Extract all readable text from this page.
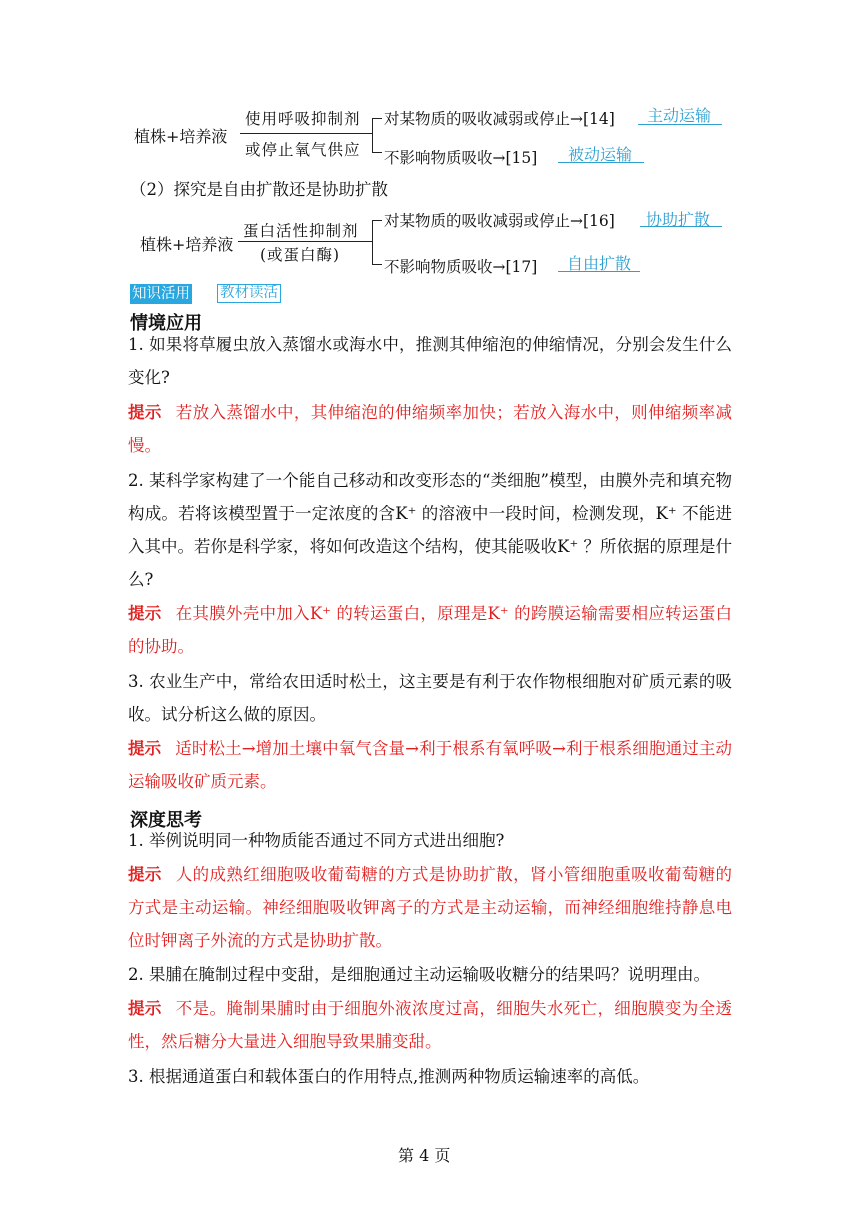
植株+培养液
使用呼吸抑制剂
或停止氧气供应
对某物质的吸收减弱或停止→[14] 主动运输
不影响物质吸收→[15] 被动运输
（2）探究是自由扩散还是协助扩散
植株+培养液
蛋白活性抑制剂
(或蛋白酶)
对某物质的吸收减弱或停止→[16] 协助扩散
不影响物质吸收→[17] 自由扩散
知识活用 教材读活
情境应用
1. 如果将草履虫放入蒸馏水或海水中，推测其伸缩泡的伸缩情况，分别会发生什么变化?
提示 若放入蒸馏水中，其伸缩泡的伸缩频率加快；若放入海水中，则伸缩频率减慢。
2. 某科学家构建了一个能自己移动和改变形态的“类细胞”模型，由膜外壳和填充物构成。若将该模型置于一定浓度的含K⁺ 的溶液中一段时间，检测发现，K⁺ 不能进入其中。若你是科学家，将如何改造这个结构，使其能吸收K⁺ ？所依据的原理是什么?
提示 在其膜外壳中加入K⁺ 的转运蛋白，原理是K⁺ 的跨膜运输需要相应转运蛋白的协助。
3. 农业生产中，常给农田适时松土，这主要是有利于农作物根细胞对矿质元素的吸收。试分析这么做的原因。
提示 适时松土→增加土壤中氧气含量→利于根系有氧呼吸→利于根系细胞通过主动运输吸收矿质元素。
深度思考
1. 举例说明同一种物质能否通过不同方式进出细胞?
提示 人的成熟红细胞吸收葡萄糖的方式是协助扩散，肾小管细胞重吸收葡萄糖的方式是主动运输。神经细胞吸收钾离子的方式是主动运输，而神经细胞维持静息电位时钾离子外流的方式是协助扩散。
2. 果脯在腌制过程中变甜，是细胞通过主动运输吸收糖分的结果吗？说明理由。
提示 不是。腌制果脯时由于细胞外液浓度过高，细胞失水死亡，细胞膜变为全透性，然后糖分大量进入细胞导致果脯变甜。
3. 根据通道蛋白和载体蛋白的作用特点,推测两种物质运输速率的高低。
第 4 页
